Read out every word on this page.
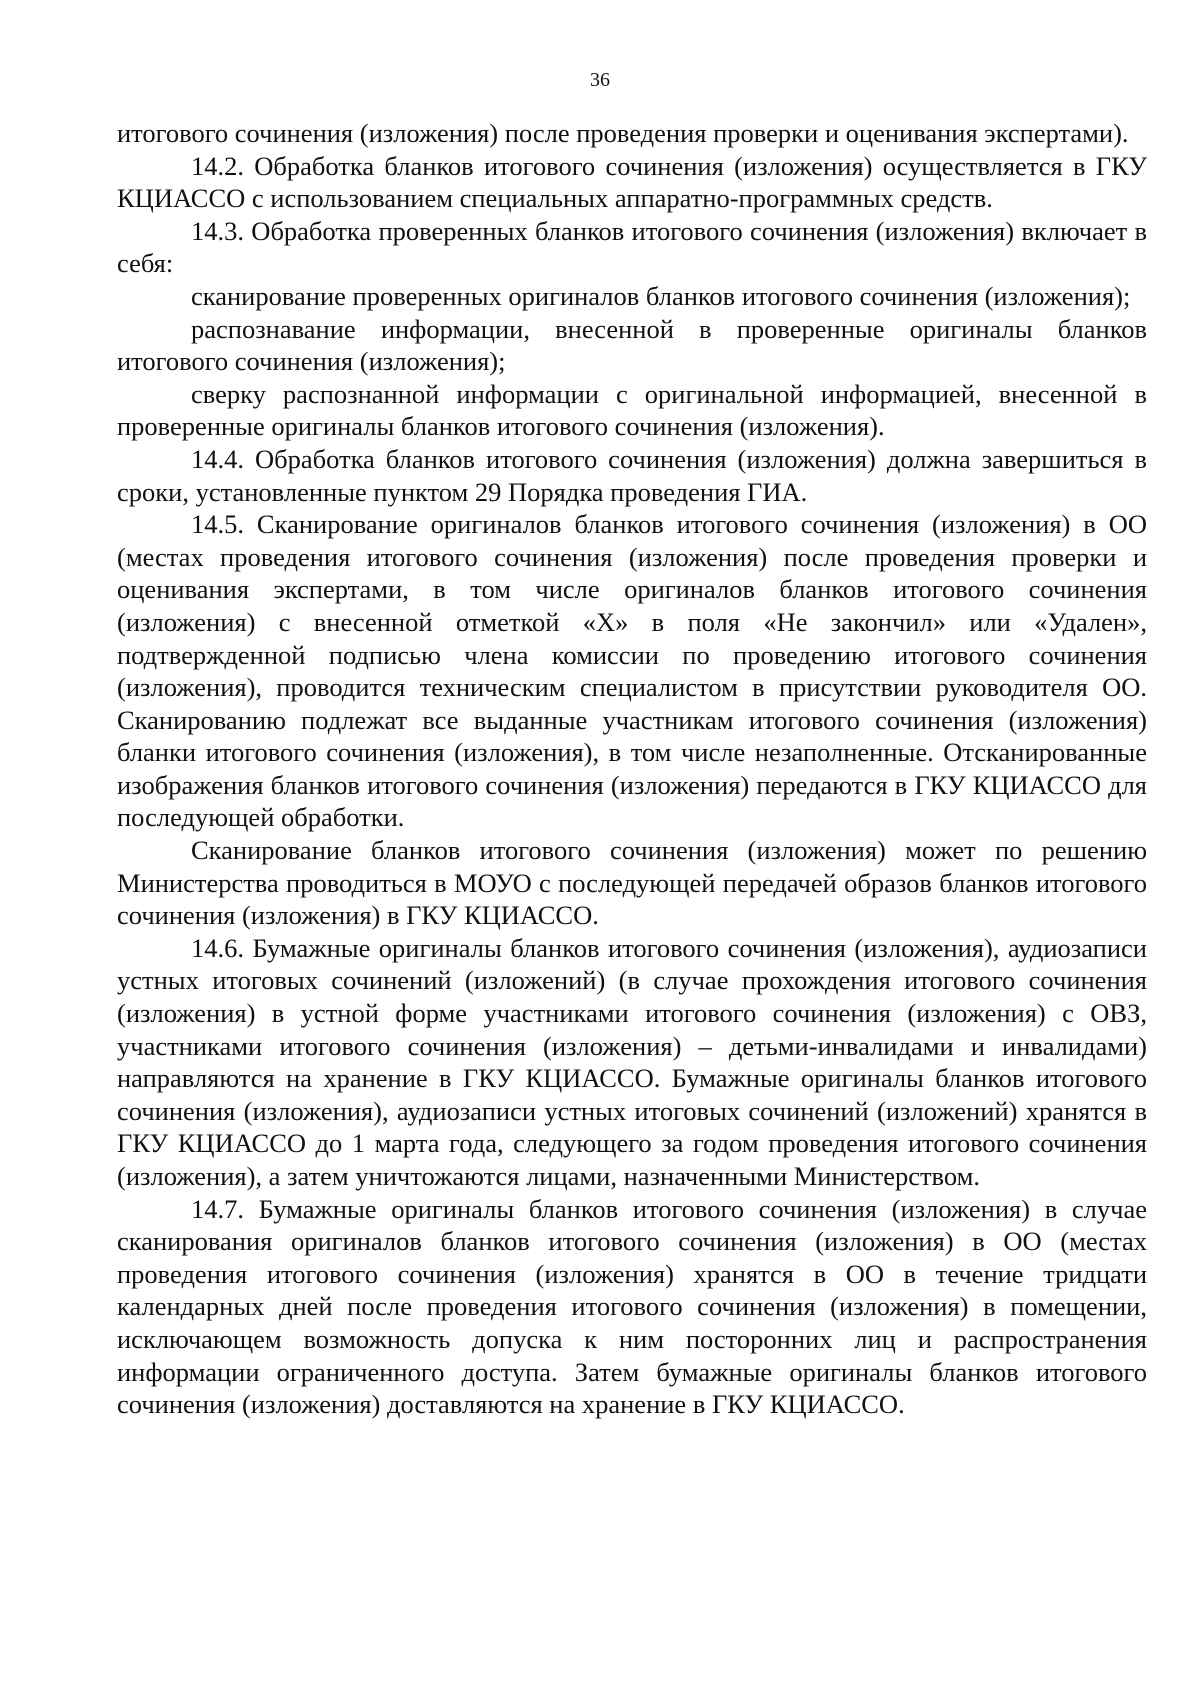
36

итогового сочинения (изложения) после проведения проверки и оценивания экспертами).

14.2. Обработка бланков итогового сочинения (изложения) осуществляется в ГКУ КЦИАССО с использованием специальных аппаратно-программных средств.

14.3. Обработка проверенных бланков итогового сочинения (изложения) включает в себя:

сканирование проверенных оригиналов бланков итогового сочинения (изложения);

распознавание информации, внесенной в проверенные оригиналы бланков итогового сочинения (изложения);

сверку распознанной информации с оригинальной информацией, внесенной в проверенные оригиналы бланков итогового сочинения (изложения).

14.4. Обработка бланков итогового сочинения (изложения) должна завершиться в сроки, установленные пунктом 29 Порядка проведения ГИА.

14.5. Сканирование оригиналов бланков итогового сочинения (изложения) в ОО (местах проведения итогового сочинения (изложения) после проведения проверки и оценивания экспертами, в том числе оригиналов бланков итогового сочинения (изложения) с внесенной отметкой «X» в поля «Не закончил» или «Удален», подтвержденной подписью члена комиссии по проведению итогового сочинения (изложения), проводится техническим специалистом в присутствии руководителя ОО. Сканированию подлежат все выданные участникам итогового сочинения (изложения) бланки итогового сочинения (изложения), в том числе незаполненные. Отсканированные изображения бланков итогового сочинения (изложения) передаются в ГКУ КЦИАССО для последующей обработки.

Сканирование бланков итогового сочинения (изложения) может по решению Министерства проводиться в МОУО с последующей передачей образов бланков итогового сочинения (изложения) в ГКУ КЦИАССО.

14.6. Бумажные оригиналы бланков итогового сочинения (изложения), аудиозаписи устных итоговых сочинений (изложений) (в случае прохождения итогового сочинения (изложения) в устной форме участниками итогового сочинения (изложения) с ОВЗ, участниками итогового сочинения (изложения) – детьми-инвалидами и инвалидами) направляются на хранение в ГКУ КЦИАССО. Бумажные оригиналы бланков итогового сочинения (изложения), аудиозаписи устных итоговых сочинений (изложений) хранятся в ГКУ КЦИАССО до 1 марта года, следующего за годом проведения итогового сочинения (изложения), а затем уничтожаются лицами, назначенными Министерством.

14.7. Бумажные оригиналы бланков итогового сочинения (изложения) в случае сканирования оригиналов бланков итогового сочинения (изложения) в ОО (местах проведения итогового сочинения (изложения) хранятся в ОО в течение тридцати календарных дней после проведения итогового сочинения (изложения) в помещении, исключающем возможность допуска к ним посторонних лиц и распространения информации ограниченного доступа. Затем бумажные оригиналы бланков итогового сочинения (изложения) доставляются на хранение в ГКУ КЦИАССО.
